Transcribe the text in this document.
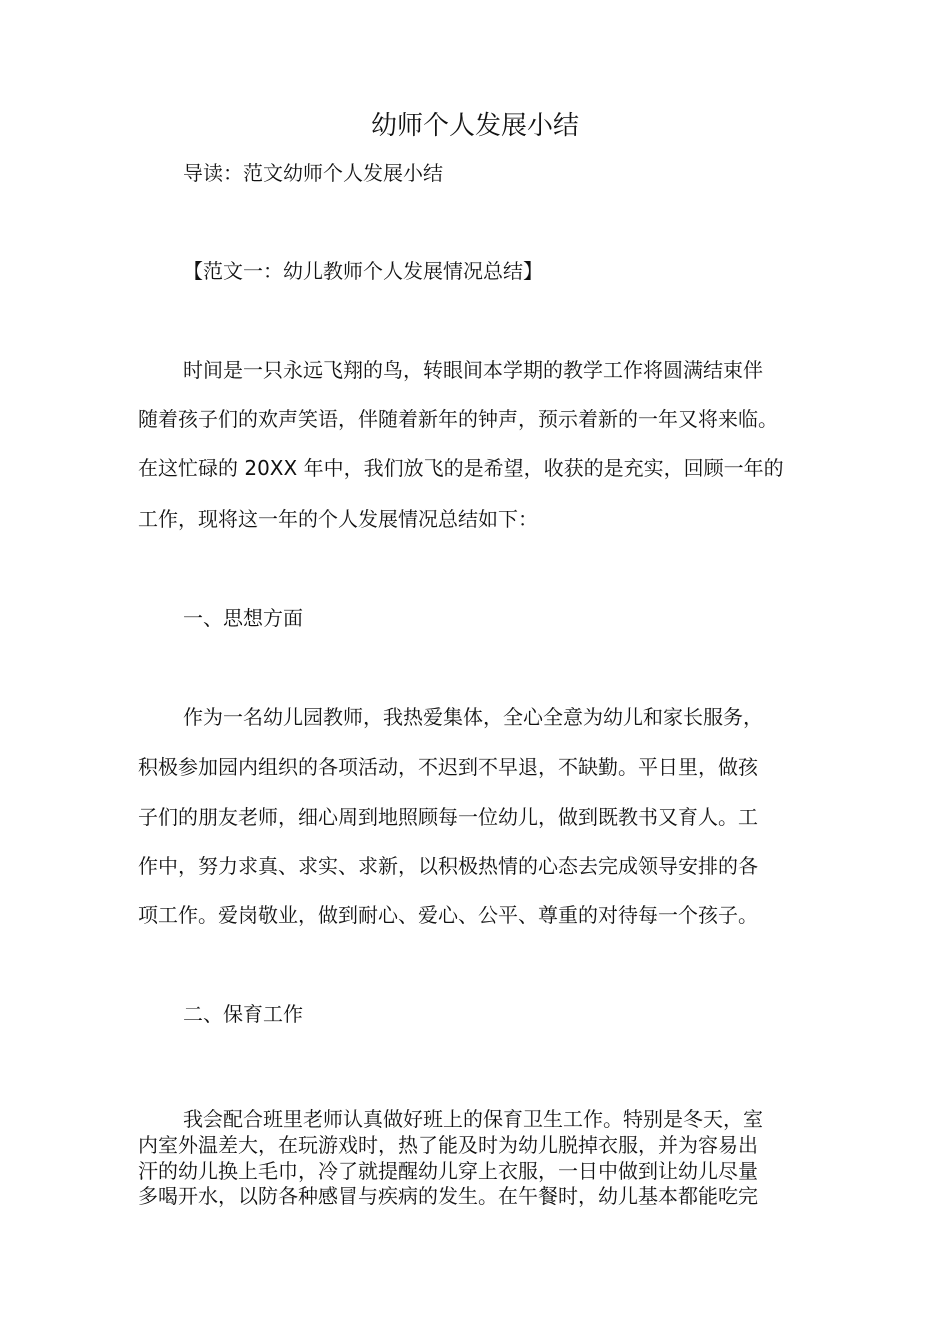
幼师个人发展小结
导读：范文幼师个人发展小结
【范文一：幼儿教师个人发展情况总结】
时间是一只永远飞翔的鸟，转眼间本学期的教学工作将圆满结束伴
随着孩子们的欢声笑语，伴随着新年的钟声，预示着新的一年又将来临。
在这忙碌的 20XX 年中，我们放飞的是希望，收获的是充实，回顾一年的
工作，现将这一年的个人发展情况总结如下：
一、思想方面
作为一名幼儿园教师，我热爱集体，全心全意为幼儿和家长服务，
积极参加园内组织的各项活动，不迟到不早退，不缺勤。平日里，做孩
子们的朋友老师，细心周到地照顾每一位幼儿，做到既教书又育人。工
作中，努力求真、求实、求新，以积极热情的心态去完成领导安排的各
项工作。爱岗敬业，做到耐心、爱心、公平、尊重的对待每一个孩子。
二、保育工作
我会配合班里老师认真做好班上的保育卫生工作。特别是冬天，室
内室外温差大，在玩游戏时，热了能及时为幼儿脱掉衣服，并为容易出
汗的幼儿换上毛巾，冷了就提醒幼儿穿上衣服，一日中做到让幼儿尽量
多喝开水，以防各种感冒与疾病的发生。在午餐时，幼儿基本都能吃完
